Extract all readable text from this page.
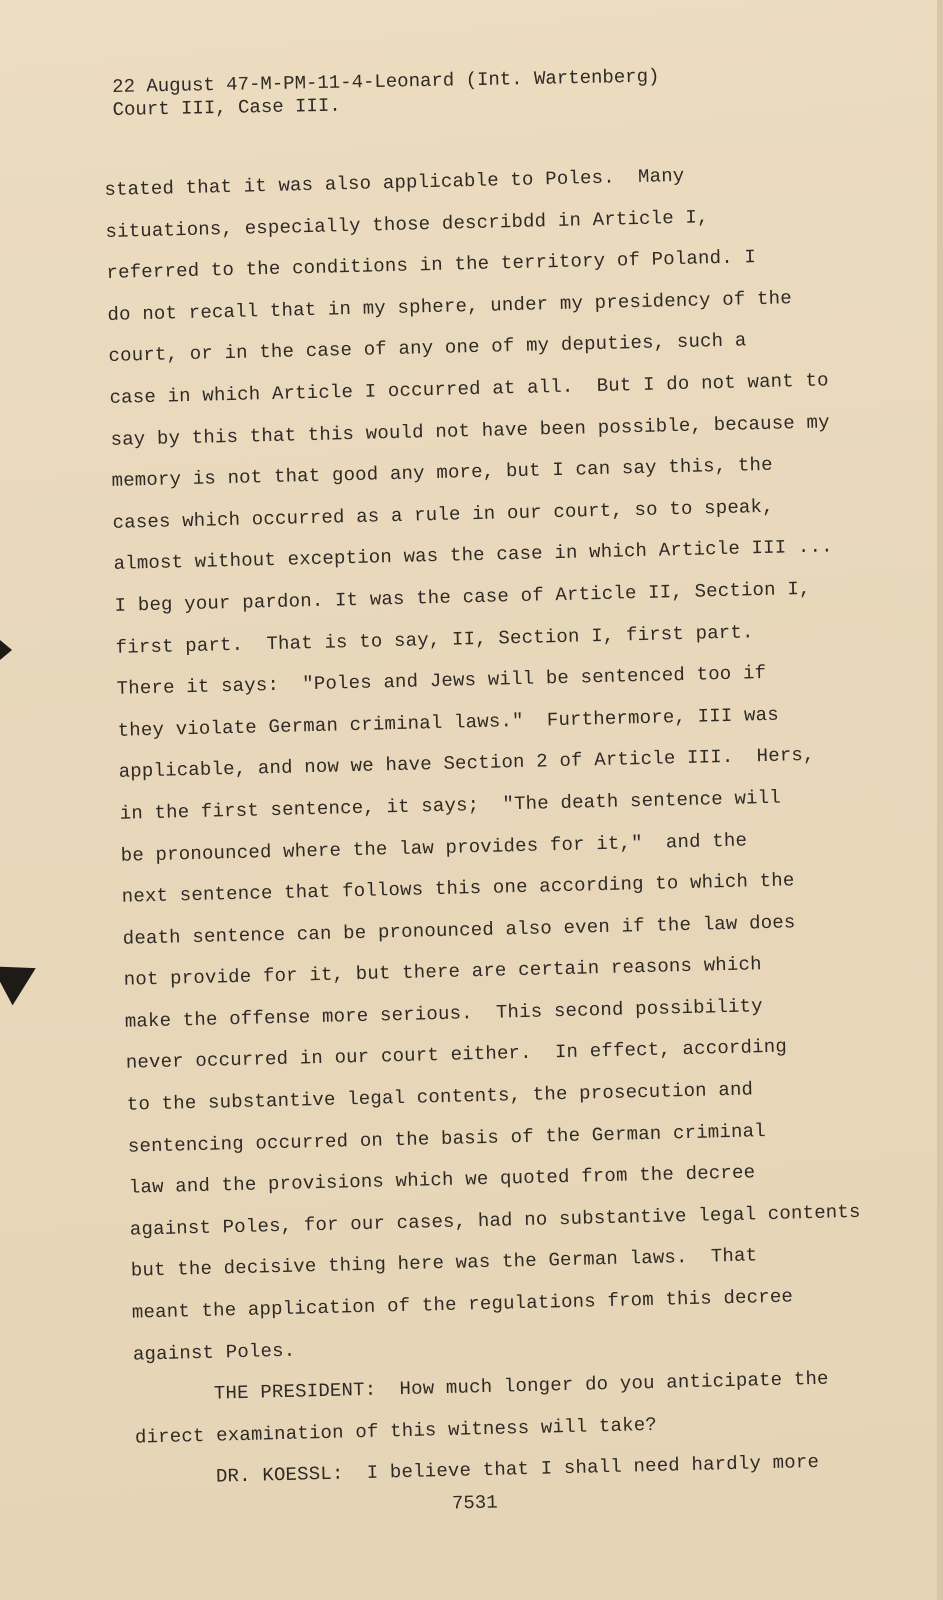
22 August 47-M-PM-11-4-Leonard (Int. Wartenberg)
Court III, Case III.
stated that it was also applicable to Poles.  Many
situations, especially those describdd in Article I,
referred to the conditions in the territory of Poland. I
do not recall that in my sphere, under my presidency of the
court, or in the case of any one of my deputies, such a
case in which Article I occurred at all.  But I do not want to
say by this that this would not have been possible, because my
memory is not that good any more, but I can say this, the
cases which occurred as a rule in our court, so to speak,
almost without exception was the case in which Article III ...
I beg your pardon. It was the case of Article II, Section I,
first part.  That is to say, II, Section I, first part.
There it says:  "Poles and Jews will be sentenced too if
they violate German criminal laws."  Furthermore, III was
applicable, and now we have Section 2 of Article III.  Hers,
in the first sentence, it says;  "The death sentence will
be pronounced where the law provides for it,"  and the
next sentence that follows this one according to which the
death sentence can be pronounced also even if the law does
not provide for it, but there are certain reasons which
make the offense more serious.  This second possibility
never occurred in our court either.  In effect, according
to the substantive legal contents, the prosecution and
sentencing occurred on the basis of the German criminal
law and the provisions which we quoted from the decree
against Poles, for our cases, had no substantive legal contents
but the decisive thing here was the German laws.  That
meant the application of the regulations from this decree
against Poles.
THE PRESIDENT:  How much longer do you anticipate the
direct examination of this witness will take?
DR. KOESSL:  I believe that I shall need hardly more
7531
